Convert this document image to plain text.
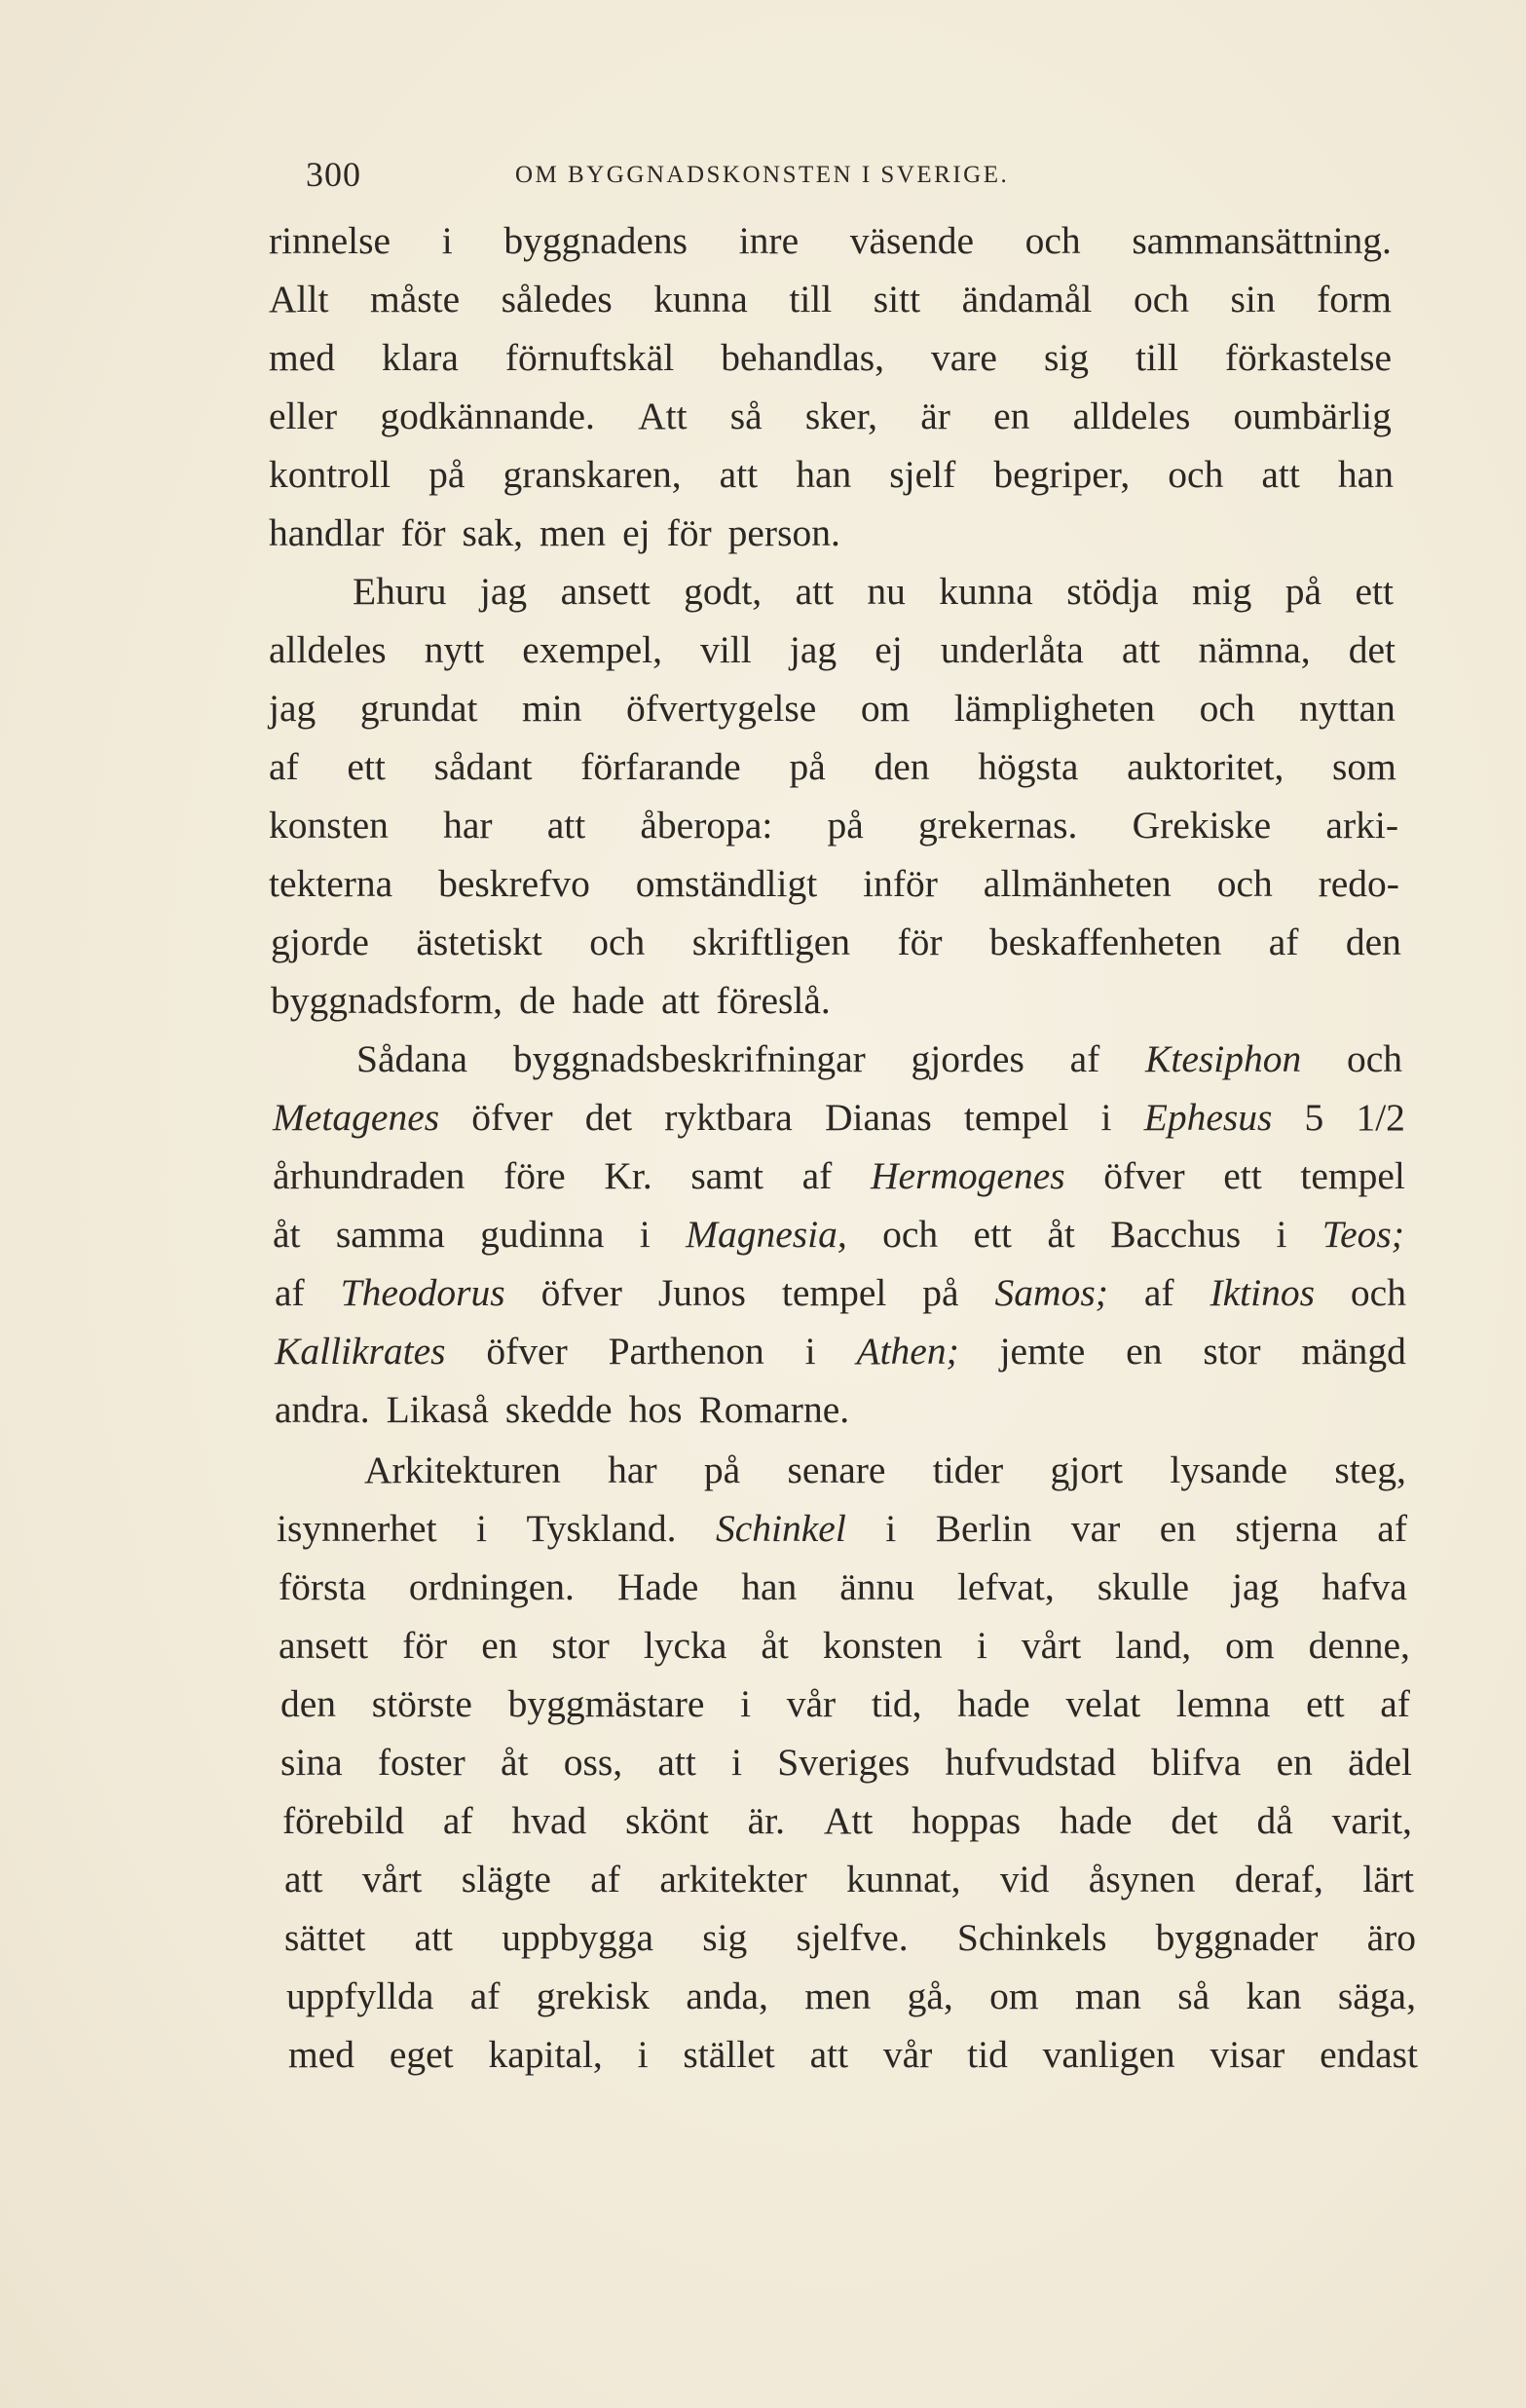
300	OM BYGGNADSKONSTEN I SVERIGE.
rinnelse i byggnadens inre väsende och sammansättning.
Allt måste således kunna till sitt ändamål och sin form
med klara förnuftskäl behandlas, vare sig till förkastelse
eller godkännande. Att så sker, är en alldeles oumbärlig
kontroll på granskaren, att han sjelf begriper, och att han
handlar för sak, men ej för person.
Ehuru jag ansett godt, att nu kunna stödja mig på ett
alldeles nytt exempel, vill jag ej underlåta att nämna, det
jag grundat min öfvertygelse om lämpligheten och nyttan
af ett sådant förfarande på den högsta auktoritet, som
konsten har att åberopa: på grekernas. Grekiske arki-
tekterna beskrefvo omständligt inför allmänheten och redo-
gjorde ästetiskt och skriftligen för beskaffenheten af den
byggnadsform, de hade att föreslå.
Sådana byggnadsbeskrifningar gjordes af Ktesiphon och
Metagenes öfver det ryktbara Dianas tempel i Ephesus 5 1/2
århundraden före Kr. samt af Hermogenes öfver ett tempel
åt samma gudinna i Magnesia, och ett åt Bacchus i Teos;
af Theodorus öfver Junos tempel på Samos; af Iktinos och
Kallikrates öfver Parthenon i Athen; jemte en stor mängd
andra. Likaså skedde hos Romarne.
Arkitekturen har på senare tider gjort lysande steg,
isynnerhet i Tyskland. Schinkel i Berlin var en stjerna af
första ordningen. Hade han ännu lefvat, skulle jag hafva
ansett för en stor lycka åt konsten i vårt land, om denne,
den störste byggmästare i vår tid, hade velat lemna ett af
sina foster åt oss, att i Sveriges hufvudstad blifva en ädel
förebild af hvad skönt är. Att hoppas hade det då varit,
att vårt slägte af arkitekter kunnat, vid åsynen deraf, lärt
sättet att uppbygga sig sjelfve. Schinkels byggnader äro
uppfyllda af grekisk anda, men gå, om man så kan säga,
med eget kapital, i stället att vår tid vanligen visar endast
